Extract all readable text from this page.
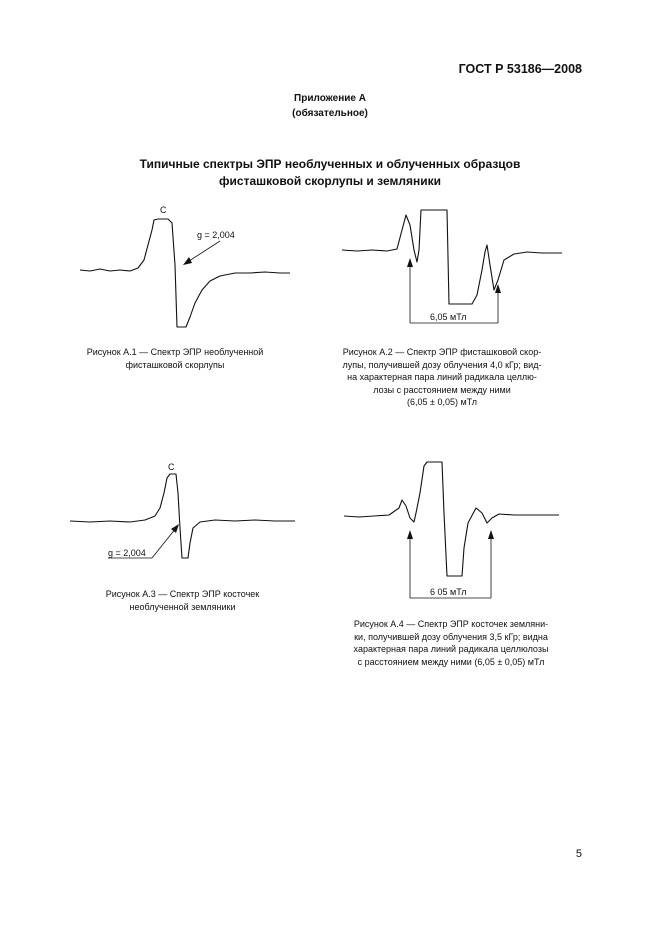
ГОСТ Р 53186—2008
Приложение А
(обязательное)
Типичные спектры ЭПР необлученных и облученных образцов
фисташковой скорлупы и земляники
C
g = 2,004
Рисунок А.1 — Спектр ЭПР необлученной
фисташковой скорлупы
6,05 мТл
Рисунок А.2 — Спектр ЭПР фисташковой скор-
лупы, получившей дозу облучения 4,0 кГр; вид-
на характерная пара линий радикала целлю-
лозы с расстоянием между ними
(6,05 ± 0,05) мТл
C
g = 2,004
Рисунок А.3 — Спектр ЭПР косточек
необлученной земляники
6 05 мТл
Рисунок А.4 — Спектр ЭПР косточек земляни-
ки, получившей дозу облучения 3,5 кГр; видна
характерная пара линий радикала целлюлозы
с расстоянием между ними (6,05 ± 0,05) мТл
5
